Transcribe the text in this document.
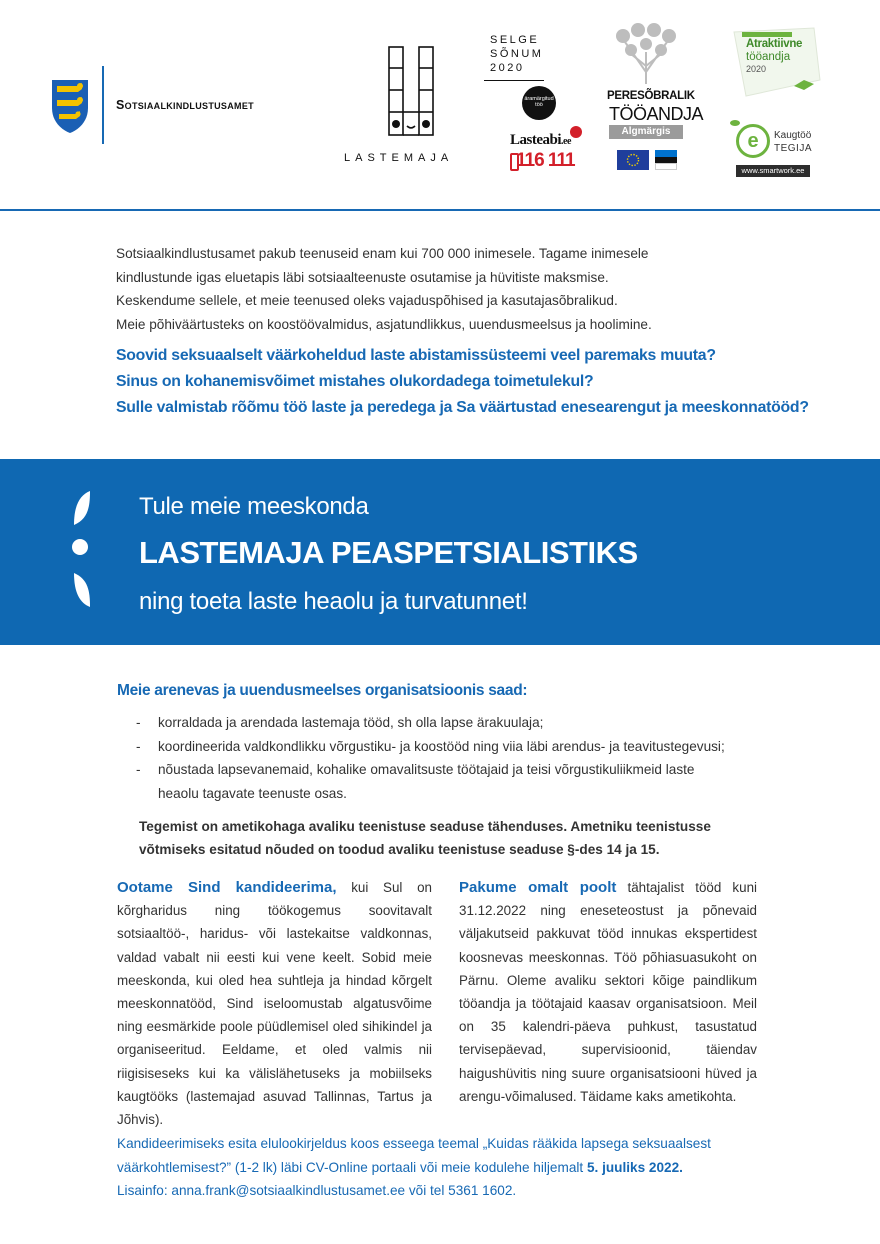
Sotsiaalkindlustusamet
LASTEMAJA
SELGE
SÕNUM
2020
äramärgitud töö
Lasteabi.ee
116 111
PERESÕBRALIK
TÖÖANDJA
Algmärgis
Atraktiivne
tööandja
2020
e	Kaugtöö
TEGIJA
www.smartwork.ee

Sotsiaalkindlustusamet pakub teenuseid enam kui 700 000 inimesele. Tagame inimesele

kindlustunde igas eluetapis läbi sotsiaalteenuste osutamise ja hüvitiste maksmise.

Keskendume sellele, et meie teenused oleks vajaduspõhised ja kasutajasõbralikud.

Meie põhiväärtusteks on koostöövalmidus, asjatundlikkus, uuendusmeelsus ja hoolimine.

Soovid seksuaalselt väärkoheldud laste abistamissüsteemi veel paremaks muuta?

Sinus on kohanemisvõimet mistahes olukordadega toimetulekul?

Sulle valmistab rõõmu töö laste ja peredega ja Sa väärtustad enesearengut ja meeskonnatööd?

Tule meie meeskonda
LASTEMAJA PEASPETSIALISTIKS
ning toeta laste heaolu ja turvatunnet!
Meie arenevas ja uuendusmeelses organisatsioonis saad:
- korraldada ja arendada lastemaja tööd, sh olla lapse ärakuulaja;
- koordineerida valdkondlikku võrgustiku- ja koostööd ning viia läbi arendus- ja teavitustegevusi;
- nõustada lapsevanemaid, kohalike omavalitsuste töötajaid ja teisi võrgustikuliikmeid laste heaolu tagavate teenuste osas.
Tegemist on ametikohaga avaliku teenistuse seaduse tähenduses. Ametniku teenistusse võtmiseks esitatud nõuded on toodud avaliku teenistuse seaduse §-des 14 ja 15.
Ootame Sind kandideerima, kui Sul on kõrgharidus ning töökogemus soovitavalt sotsiaaltöö-, haridus- või lastekaitse valdkonnas, valdad vabalt nii eesti kui vene keelt. Sobid meie meeskonda, kui oled hea suhtleja ja hindad kõrgelt meeskonnatööd, Sind iseloomustab algatusvõime ning eesmärkide poole püüdlemisel oled sihikindel ja organiseeritud. Eeldame, et oled valmis nii riigisiseseks kui ka välislähetuseks ja mobiilseks kaugtööks (lastemajad asuvad Tallinnas, Tartus ja Jõhvis).
Pakume omalt poolt tähtajalist tööd kuni 31.12.2022 ning eneseteostust ja põnevaid väljakutseid pakkuvat tööd innukas ekspertidest koosnevas meeskonnas. Töö põhiasuasukoht on Pärnu. Oleme avaliku sektori kõige paindlikum tööandja ja töötajaid kaasav organisatsioon. Meil on 35 kalendri-päeva puhkust, tasustatud tervisepäevad, supervisioonid, täiendav haigushüvitis ning suure organisatsiooni hüved ja arengu-võimalused. Täidame kaks ametikohta.

Kandideerimiseks esita elulookirjeldus koos esseega teemal „Kuidas rääkida lapsega seksuaalsest väärkohtlemisest?” (1-2 lk) läbi CV-Online portaali või meie kodulehe hiljemalt 5. juuliks 2022.

Lisainfo: anna.frank@sotsiaalkindlustusamet.ee või tel 5361 1602.
